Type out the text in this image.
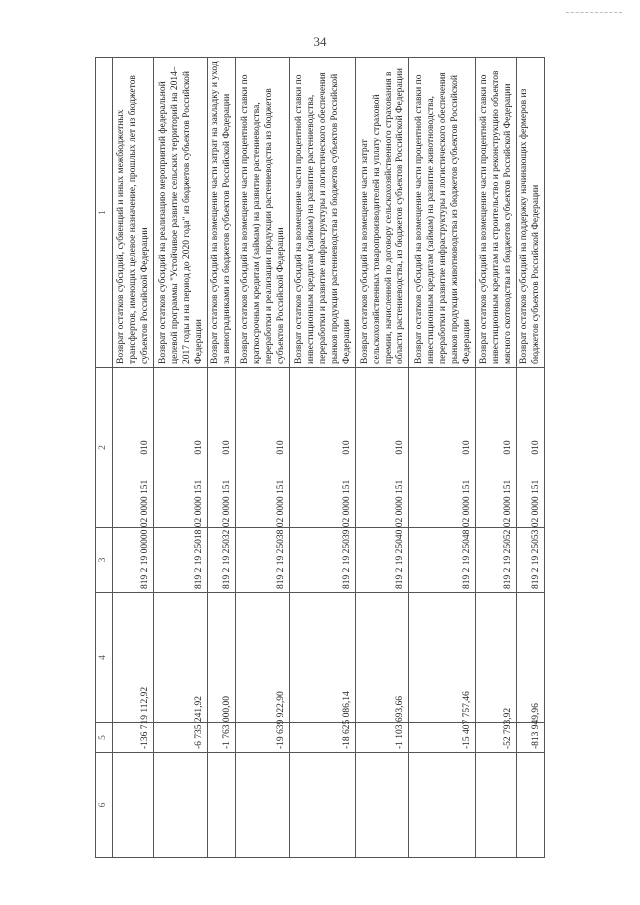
34
6	5	4	3	2	1
	-136 719 112,92		819 2 19 00000 02 0000 151	010	Возврат остатков субсидий, субвенций и иных межбюджетных трансфертов, имеющих целевое назначение, прошлых лет из бюджетов субъектов Российской Федерации
	-6 735 241,92		819 2 19 25018 02 0000 151	010	Возврат остатков субсидий на реализацию мероприятий федеральной целевой программы "Устойчивое развитие сельских территорий на 2014–2017 годы и на период до 2020 года" из бюджетов субъектов Российской Федерации
	-1 763 000,00		819 2 19 25032 02 0000 151	010	Возврат остатков субсидий на возмещение части затрат на закладку и уход за виноградниками из бюджетов субъектов Российской Федерации
	-19 639 922,90		819 2 19 25038 02 0000 151	010	Возврат остатков субсидий на возмещение части процентной ставки по краткосрочным кредитам (займам) на развитие растениеводства, переработки и реализации продукции растениеводства из бюджетов субъектов Российской Федерации
	-18 625 086,14		819 2 19 25039 02 0000 151	010	Возврат остатков субсидий на возмещение части процентной ставки по инвестиционным кредитам (займам) на развитие растениеводства, переработки и развитие инфраструктуры и логистического обеспечения рынков продукции растениеводства из бюджетов субъектов Российской Федерации
	-1 103 693,66		819 2 19 25040 02 0000 151	010	Возврат остатков субсидий на возмещение части затрат сельскохозяйственных товаропроизводителей на уплату страховой премии, начисленной по договору сельскохозяйственного страхования в области растениеводства, из бюджетов субъектов Российской Федерации
	-15 407 757,46		819 2 19 25048 02 0000 151	010	Возврат остатков субсидий на возмещение части процентной ставки по инвестиционным кредитам (займам) на развитие животноводства, переработки и развитие инфраструктуры и логистического обеспечения рынков продукции животноводства из бюджетов субъектов Российской Федерации
	-52 793,92		819 2 19 25052 02 0000 151	010	Возврат остатков субсидий на возмещение части процентной ставки по инвестиционным кредитам на строительство и реконструкцию объектов мясного скотоводства из бюджетов субъектов Российской Федерации
	-813 949,96		819 2 19 25053 02 0000 151	010	Возврат остатков субсидий на поддержку начинающих фермеров из бюджетов субъектов Российской Федерации
